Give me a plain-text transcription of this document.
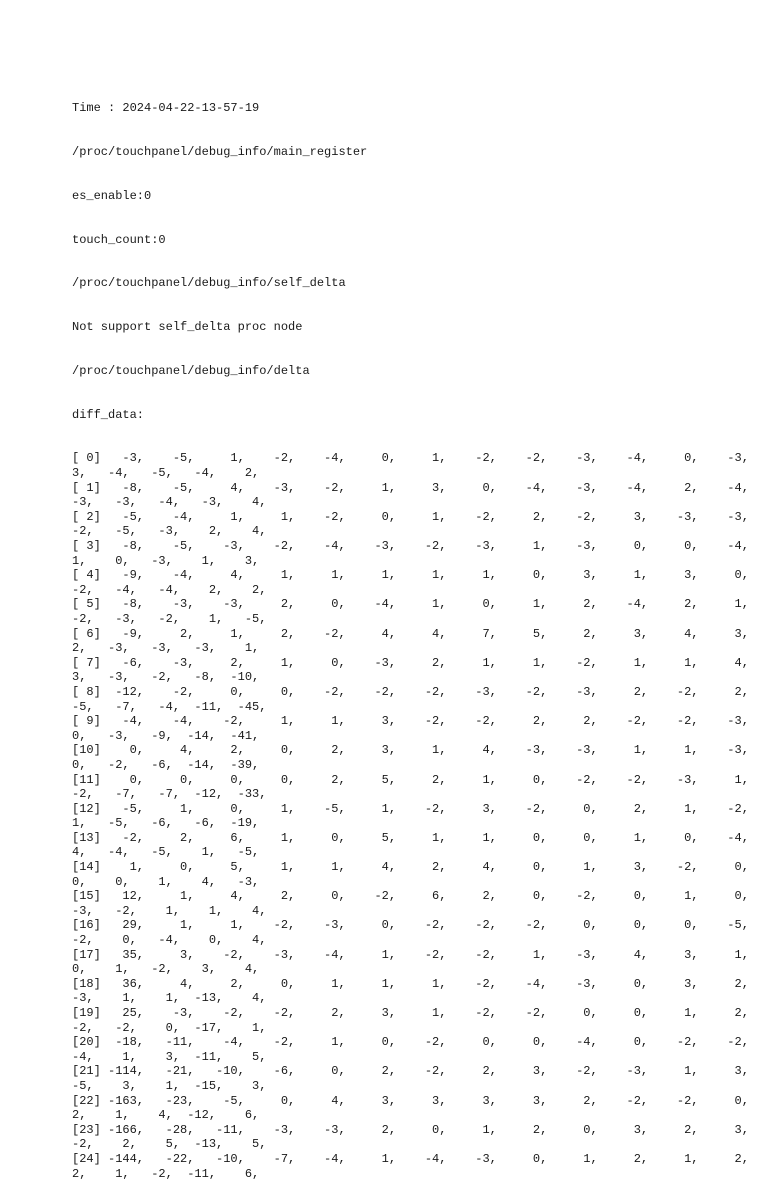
Time : 2024-04-22-13-57-19

/proc/touchpanel/debug_info/main_register

es_enable:0

touch_count:0

/proc/touchpanel/debug_info/self_delta

Not support self_delta proc node

/proc/touchpanel/debug_info/delta

diff_data:

[ 0]   -3,    -5,     1,    -2,    -4,     0,     1,    -2,    -2,    -3,    -4,     0,    -3,
3,   -4,   -5,   -4,    2,
[ 1]   -8,    -5,     4,    -3,    -2,     1,     3,     0,    -4,    -3,    -4,     2,    -4,
-3,   -3,   -4,   -3,    4,
[ 2]   -5,    -4,     1,     1,    -2,     0,     1,    -2,     2,    -2,     3,    -3,    -3,
-2,   -5,   -3,    2,    4,
[ 3]   -8,    -5,    -3,    -2,    -4,    -3,    -2,    -3,     1,    -3,     0,     0,    -4,
1,    0,   -3,    1,    3,
[ 4]   -9,    -4,     4,     1,     1,     1,     1,     1,     0,     3,     1,     3,     0,
-2,   -4,   -4,    2,    2,
[ 5]   -8,    -3,    -3,     2,     0,    -4,     1,     0,     1,     2,    -4,     2,     1,
-2,   -3,   -2,    1,   -5,
[ 6]   -9,     2,     1,     2,    -2,     4,     4,     7,     5,     2,     3,     4,     3,
2,   -3,   -3,   -3,    1,
[ 7]   -6,    -3,     2,     1,     0,    -3,     2,     1,     1,    -2,     1,     1,     4,
3,   -3,   -2,   -8,  -10,
[ 8]  -12,    -2,     0,     0,    -2,    -2,    -2,    -3,    -2,    -3,     2,    -2,     2,
-5,   -7,   -4,  -11,  -45,
[ 9]   -4,    -4,    -2,     1,     1,     3,    -2,    -2,     2,     2,    -2,    -2,    -3,
0,   -3,   -9,  -14,  -41,
[10]    0,     4,     2,     0,     2,     3,     1,     4,    -3,    -3,     1,     1,    -3,
0,   -2,   -6,  -14,  -39,
[11]    0,     0,     0,     0,     2,     5,     2,     1,     0,    -2,    -2,    -3,     1,
-2,   -7,   -7,  -12,  -33,
[12]   -5,     1,     0,     1,    -5,     1,    -2,     3,    -2,     0,     2,     1,    -2,
1,   -5,   -6,   -6,  -19,
[13]   -2,     2,     6,     1,     0,     5,     1,     1,     0,     0,     1,     0,    -4,
4,   -4,   -5,    1,   -5,
[14]    1,     0,     5,     1,     1,     4,     2,     4,     0,     1,     3,    -2,     0,
0,    0,    1,    4,   -3,
[15]   12,     1,     4,     2,     0,    -2,     6,     2,     0,    -2,     0,     1,     0,
-3,   -2,    1,    1,    4,
[16]   29,     1,     1,    -2,    -3,     0,    -2,    -2,    -2,     0,     0,     0,    -5,
-2,    0,   -4,    0,    4,
[17]   35,     3,    -2,    -3,    -4,     1,    -2,    -2,     1,    -3,     4,     3,     1,
0,    1,   -2,    3,    4,
[18]   36,     4,     2,     0,     1,     1,     1,    -2,    -4,    -3,     0,     3,     2,
-3,    1,    1,  -13,    4,
[19]   25,    -3,    -2,    -2,     2,     3,     1,    -2,    -2,     0,     0,     1,     2,
-2,   -2,    0,  -17,    1,
[20]  -18,   -11,    -4,    -2,     1,     0,    -2,     0,     0,    -4,     0,    -2,    -2,
-4,    1,    3,  -11,    5,
[21] -114,   -21,   -10,    -6,     0,     2,    -2,     2,     3,    -2,    -3,     1,     3,
-5,    3,    1,  -15,    3,
[22] -163,   -23,    -5,     0,     4,     3,     3,     3,     3,     2,    -2,    -2,     0,
2,    1,    4,  -12,    6,
[23] -166,   -28,   -11,    -3,    -3,     2,     0,     1,     2,     0,     3,     2,     3,
-2,    2,    5,  -13,    5,
[24] -144,   -22,   -10,    -7,    -4,     1,    -4,    -3,     0,     1,     2,     1,     2,
2,    1,   -2,  -11,    6,
